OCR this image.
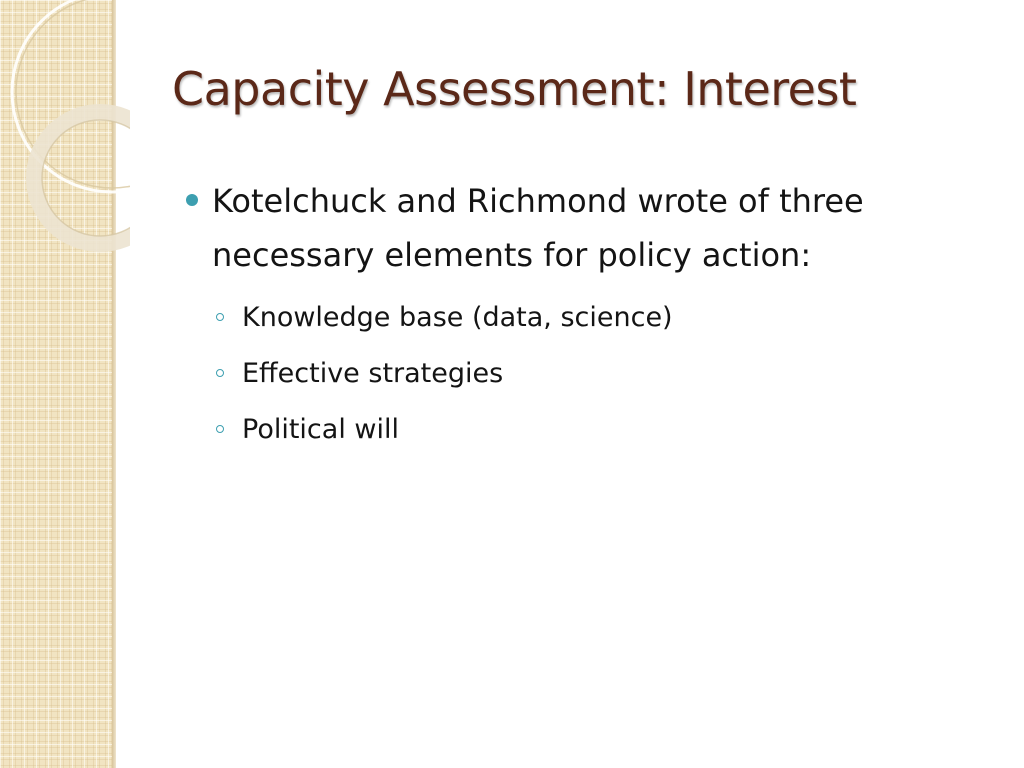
Capacity Assessment: Interest
Kotelchuck and Richmond wrote of three necessary elements for policy action:
Knowledge base (data, science)
Effective strategies
Political will
